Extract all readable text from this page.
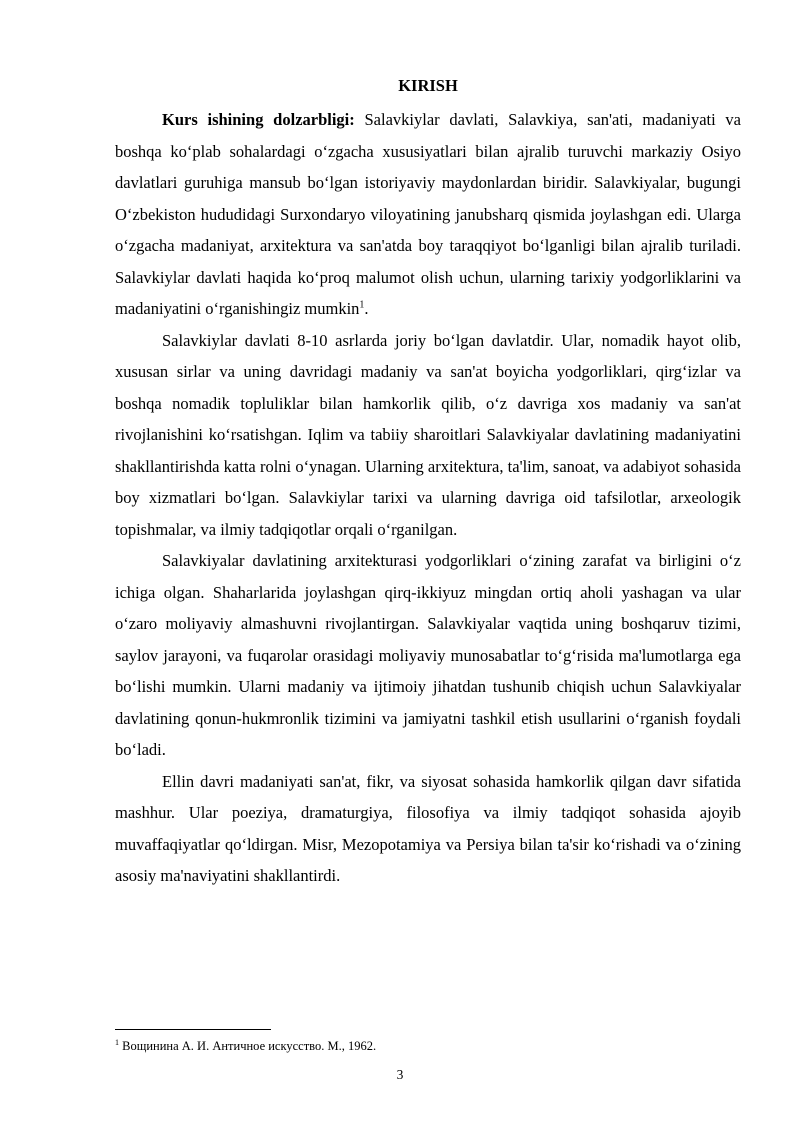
KIRISH

Kurs ishining dolzarbligi: Salavkiylar davlati, Salavkiya, san'ati, madaniyati va boshqa koʻplab sohalardagi oʻzgacha xususiyatlari bilan ajralib turuvchi markaziy Osiyo davlatlari guruhiga mansub boʻlgan istoriyaviy maydonlardan biridir. Salavkiyalar, bugungi Oʻzbekiston hududidagi Surxondaryo viloyatining janubsharq qismida joylashgan edi. Ularga oʻzgacha madaniyat, arxitektura va san'atda boy taraqqiyot boʻlganligi bilan ajralib turiladi. Salavkiylar davlati haqida koʻproq malumot olish uchun, ularning tarixiy yodgorliklarini va madaniyatini oʻrganishingiz mumkin$^1$.

Salavkiylar davlati 8-10 asrlarda joriy boʻlgan davlatdir. Ular, nomadik hayot olib, xususan sirlar va uning davridagi madaniy va san'at boyicha yodgorliklari, qirgʻizlar va boshqa nomadik topluliklar bilan hamkorlik qilib, oʻz davriga xos madaniy va san'at rivojlanishini koʻrsatishgan. Iqlim va tabiiy sharoitlari Salavkiyalar davlatining madaniyatini shakllantirishda katta rolni oʻynagan. Ularning arxitektura, ta'lim, sanoat, va adabiyot sohasida boy xizmatlari boʻlgan. Salavkiylar tarixi va ularning davriga oid tafsilotlar, arxeologik topishmalar, va ilmiy tadqiqotlar orqali oʻrganilgan.

Salavkiyalar davlatining arxitekturasi yodgorliklari oʻzining zarafat va birligini oʻz ichiga olgan. Shaharlarida joylashgan qirq-ikkiyuz mingdan ortiq aholi yashagan va ular oʻzaro moliyaviy almashuvni rivojlantirgan. Salavkiyalar vaqtida uning boshqaruv tizimi, saylov jarayoni, va fuqarolar orasidagi moliyaviy munosabatlar toʻgʻrisida ma'lumotlarga ega boʻlishi mumkin. Ularni madaniy va ijtimoiy jihatdan tushunib chiqish uchun Salavkiyalar davlatining qonun-hukmronlik tizimini va jamiyatni tashkil etish usullarini oʻrganish foydali boʻladi.

Ellin davri madaniyati san'at, fikr, va siyosat sohasida hamkorlik qilgan davr sifatida mashhur. Ular poeziya, dramaturgiya, filosofiya va ilmiy tadqiqot sohasida ajoyib muvaffaqiyatlar qoʻldirgan. Misr, Mezopotamiya va Persiya bilan ta'sir koʻrishadi va oʻzining asosiy ma'naviyatini shakllantirdi.

$^1$ Вощинина А. И. Античное искусство. М., 1962.
3
